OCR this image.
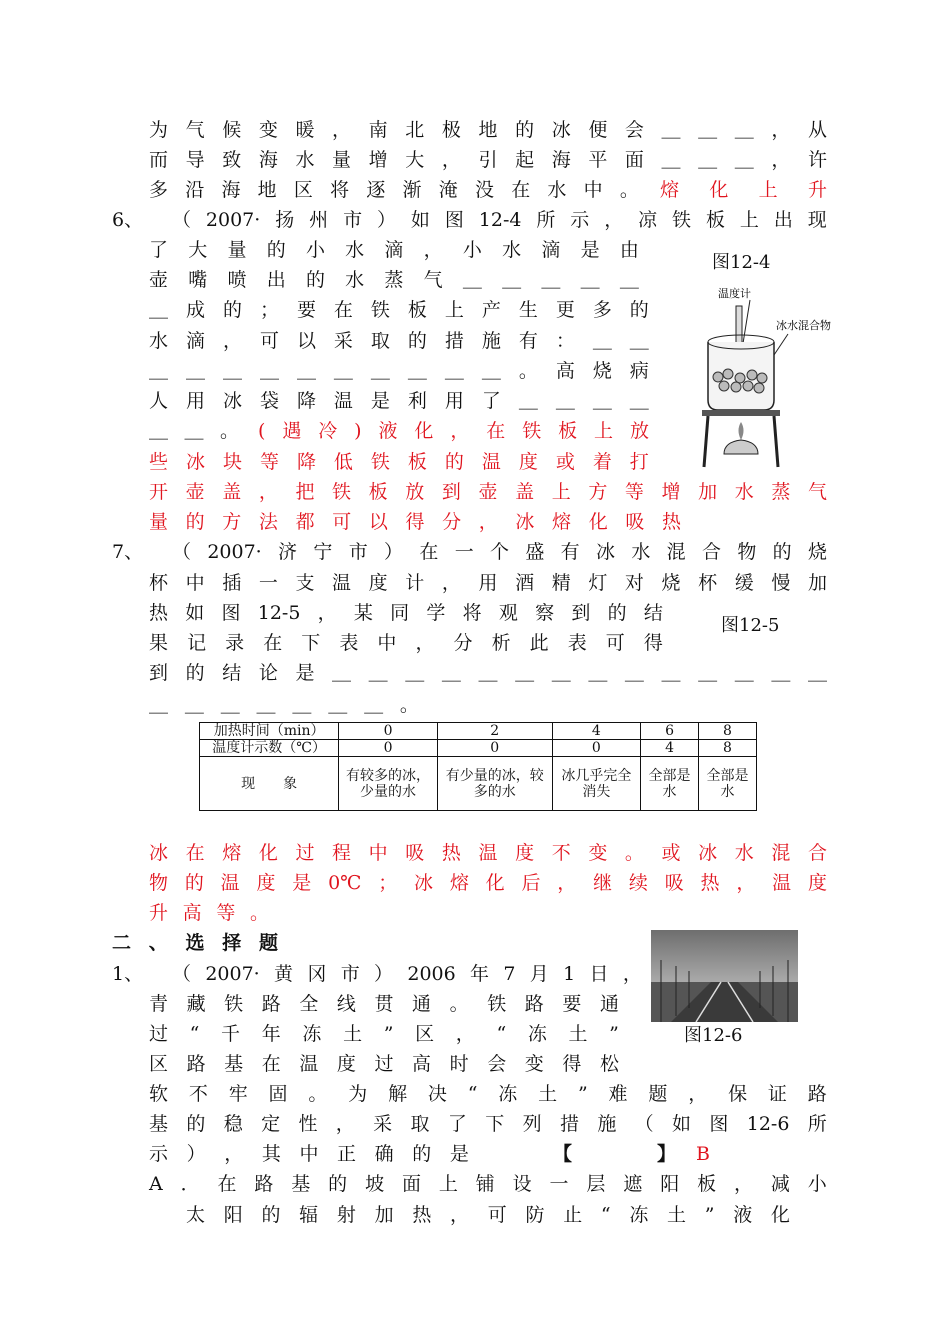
为 气 候 变 暖 ， 南 北 极 地 的 冰 便 会 ＿ ＿ ＿ ， 从
而 导 致 海 水 量 增 大 ， 引 起 海 平 面 ＿ ＿ ＿ ， 许
多 沿 海 地 区 将 逐 渐 淹 没 在 水 中 。 熔 化 上 升
6、 （ 2007· 扬 州 市 ） 如 图 12-4 所 示 ， 凉 铁 板 上 出 现
了 大 量 的 小 水 滴 ， 小 水 滴 是 由
壶 嘴 喷 出 的 水 蒸 气 ＿ ＿ ＿ ＿ ＿
＿ 成 的 ； 要 在 铁 板 上 产 生 更 多 的
水 滴 ， 可 以 采 取 的 措 施 有 ： ＿ ＿
＿ ＿ ＿ ＿ ＿ ＿ ＿ ＿ ＿ ＿ 。 高 烧 病
人 用 冰 袋 降 温 是 利 用 了 ＿ ＿ ＿ ＿
＿ ＿ 。 ( 遇 冷 ) 液 化 ， 在 铁 板 上 放
些 冰 块 等 降 低 铁 板 的 温 度 或 着 打
开 壶 盖 ， 把 铁 板 放 到 壶 盖 上 方 等 增 加 水 蒸 气
量 的 方 法 都 可 以 得 分 ， 冰 熔 化 吸 热
7、 （ 2007· 济 宁 市 ） 在 一 个 盛 有 冰 水 混 合 物 的 烧
杯 中 插 一 支 温 度 计 ， 用 酒 精 灯 对 烧 杯 缓 慢 加
热 如 图 12-5 ， 某 同 学 将 观 察 到 的 结
果 记 录 在 下 表 中 ， 分 析 此 表 可 得
到 的 结 论 是 ＿ ＿ ＿ ＿ ＿ ＿ ＿ ＿ ＿ ＿ ＿ ＿ ＿ ＿
＿ ＿ ＿ ＿ ＿ ＿ ＿ 。
加热时间（min）	0	2	4	6	8
温度计示数（℃）	0	0	0	4	8
现　　象	有较多的冰，少量的水	有少量的冰，较多的水	冰几乎完全消失	全部是水	全部是水
冰 在 熔 化 过 程 中 吸 热 温 度 不 变 。 或 冰 水 混 合
物 的 温 度 是 0℃ ； 冰 熔 化 后 ， 继 续 吸 热 ， 温 度
升 高 等 。
二 、 选 择 题
1、 （ 2007· 黄 冈 市 ） 2006 年 7 月 1 日 ，
青 藏 铁 路 全 线 贯 通 。 铁 路 要 通
过 “ 千 年 冻 土 ” 区 ， “ 冻 土 ”
区 路 基 在 温 度 过 高 时 会 变 得 松
软 不 牢 固 。 为 解 决 “ 冻 土 ” 难 题 ， 保 证 路
基 的 稳 定 性 ， 采 取 了 下 列 措 施 （ 如 图 12-6 所
示 ） ， 其 中 正 确 的 是	【	】 B
A ． 在 路 基 的 坡 面 上 铺 设 一 层 遮 阳 板 ， 减 小
太 阳 的 辐 射 加 热 ， 可 防 止 “ 冻 土 ” 液 化
图12-4
温度计
冰水混合物
图12-5
图12-6
